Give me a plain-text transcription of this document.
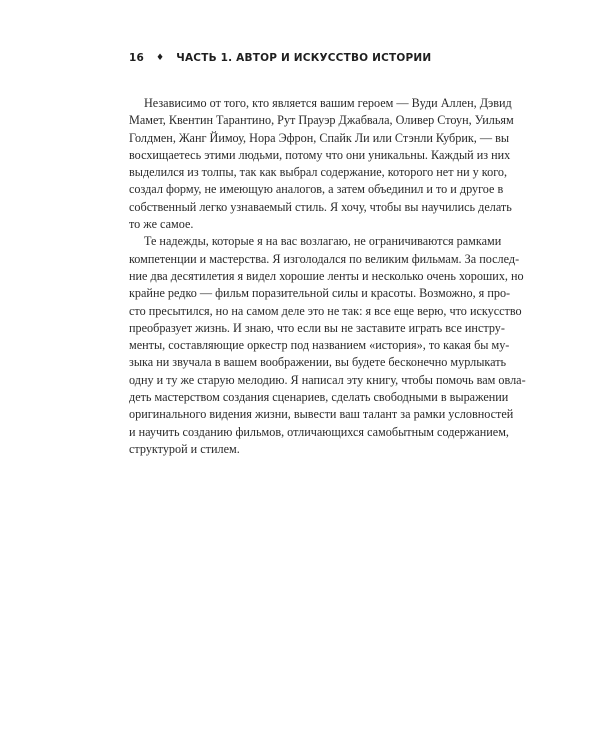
16 ♦ ЧАСТЬ 1. АВТОР И ИСКУССТВО ИСТОРИИ
Независимо от того, кто является вашим героем — Вуди Аллен, Дэвид
Мамет, Квентин Тарантино, Рут Прауэр Джабвала, Оливер Стоун, Уильям
Голдмен, Жанг Йимоу, Нора Эфрон, Спайк Ли или Стэнли Кубрик, — вы
восхищаетесь этими людьми, потому что они уникальны. Каждый из них
выделился из толпы, так как выбрал содержание, которого нет ни у кого,
создал форму, не имеющую аналогов, а затем объединил и то и другое в
собственный легко узнаваемый стиль. Я хочу, чтобы вы научились делать
то же самое.
Те надежды, которые я на вас возлагаю, не ограничиваются рамками
компетенции и мастерства. Я изголодался по великим фильмам. За послед-
ние два десятилетия я видел хорошие ленты и несколько очень хороших, но
крайне редко — фильм поразительной силы и красоты. Возможно, я про-
сто пресытился, но на самом деле это не так: я все еще верю, что искусство
преобразует жизнь. И знаю, что если вы не заставите играть все инстру-
менты, составляющие оркестр под названием «история», то какая бы му-
зыка ни звучала в вашем воображении, вы будете бесконечно мурлыкать
одну и ту же старую мелодию. Я написал эту книгу, чтобы помочь вам овла-
деть мастерством создания сценариев, сделать свободными в выражении
оригинального видения жизни, вывести ваш талант за рамки условностей
и научить созданию фильмов, отличающихся самобытным содержанием,
структурой и стилем.
